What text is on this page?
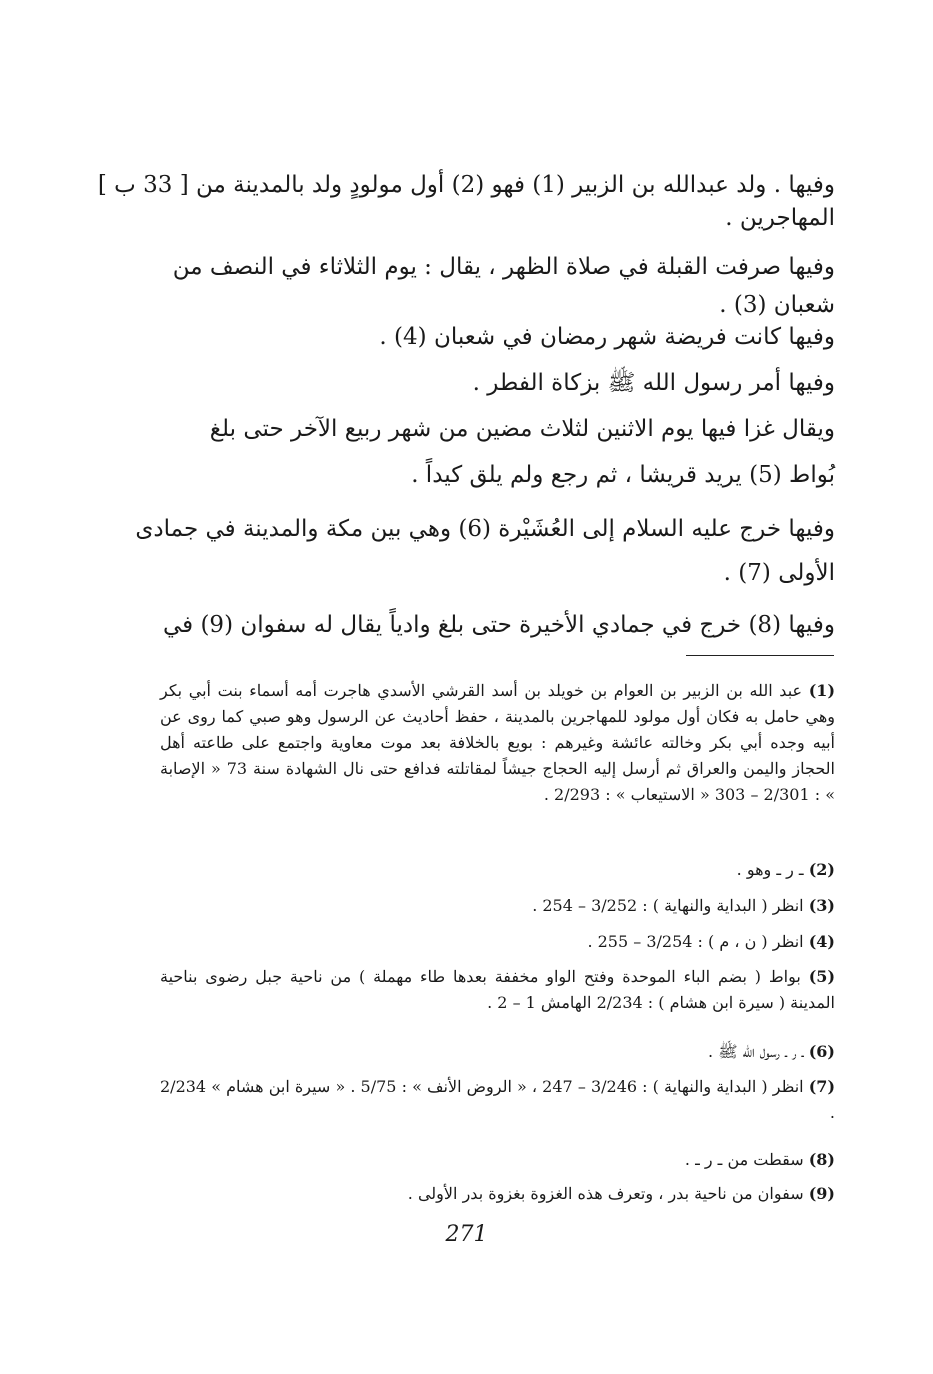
وفيها . ولد عبدالله بن الزبير (1) فهو (2) أول مولودٍ ولد بالمدينة من [ 33 ب ]
المهاجرين .
وفيها صرفت القبلة في صلاة الظهر ، يقال : يوم الثلاثاء في النصف من
شعبان (3) .
وفيها كانت فريضة شهر رمضان في شعبان (4) .
وفيها أمر رسول الله ﷺ بزكاة الفطر .
ويقال غزا فيها يوم الاثنين لثلاث مضين من شهر ربيع الآخر حتى بلغ
بُواط (5) يريد قريشا ، ثم رجع ولم يلق كيداً .
وفيها خرج عليه السلام إلى العُشَيْرة (6) وهي بين مكة والمدينة في جمادى
الأولى (7) .
وفيها (8) خرج في جمادي الأخيرة حتى بلغ وادياً يقال له سفوان (9) في
(1) عبد الله بن الزبير بن العوام بن خويلد بن أسد القرشي الأسدي هاجرت أمه أسماء بنت أبي بكر وهي حامل به فكان أول مولود للمهاجرين بالمدينة ، حفظ أحاديث عن الرسول وهو صبي كما روى عن أبيه وجده أبي بكر وخالته عائشة وغيرهم : بويع بالخلافة بعد موت معاوية واجتمع على طاعته أهل الحجاز واليمن والعراق ثم أرسل إليه الحجاج جيشاً لمقاتلته فدافع حتى نال الشهادة سنة 73 « الإصابة » : 2/301 – 303 « الاستيعاب » : 2/293 .
(2) ـ ر ـ وهو .
(3) انظر ( البداية والنهاية ) : 3/252 – 254 .
(4) انظر ( ن ، م ) : 3/254 – 255 .
(5) بواط ( بضم الباء الموحدة وفتح الواو مخففة بعدها طاء مهملة ) من ناحية جبل رضوى بناحية المدينة ( سيرة ابن هشام ) : 2/234 الهامش 1 – 2 .
(6) ـ ر ـ رسول الله ﷺ .
(7) انظر ( البداية والنهاية ) : 3/246 – 247 ، « الروض الأنف » : 5/75 . « سيرة ابن هشام » 2/234 .
(8) سقطت من ـ ر ـ .
(9) سفوان من ناحية بدر ، وتعرف هذه الغزوة بغزوة بدر الأولى .
271
